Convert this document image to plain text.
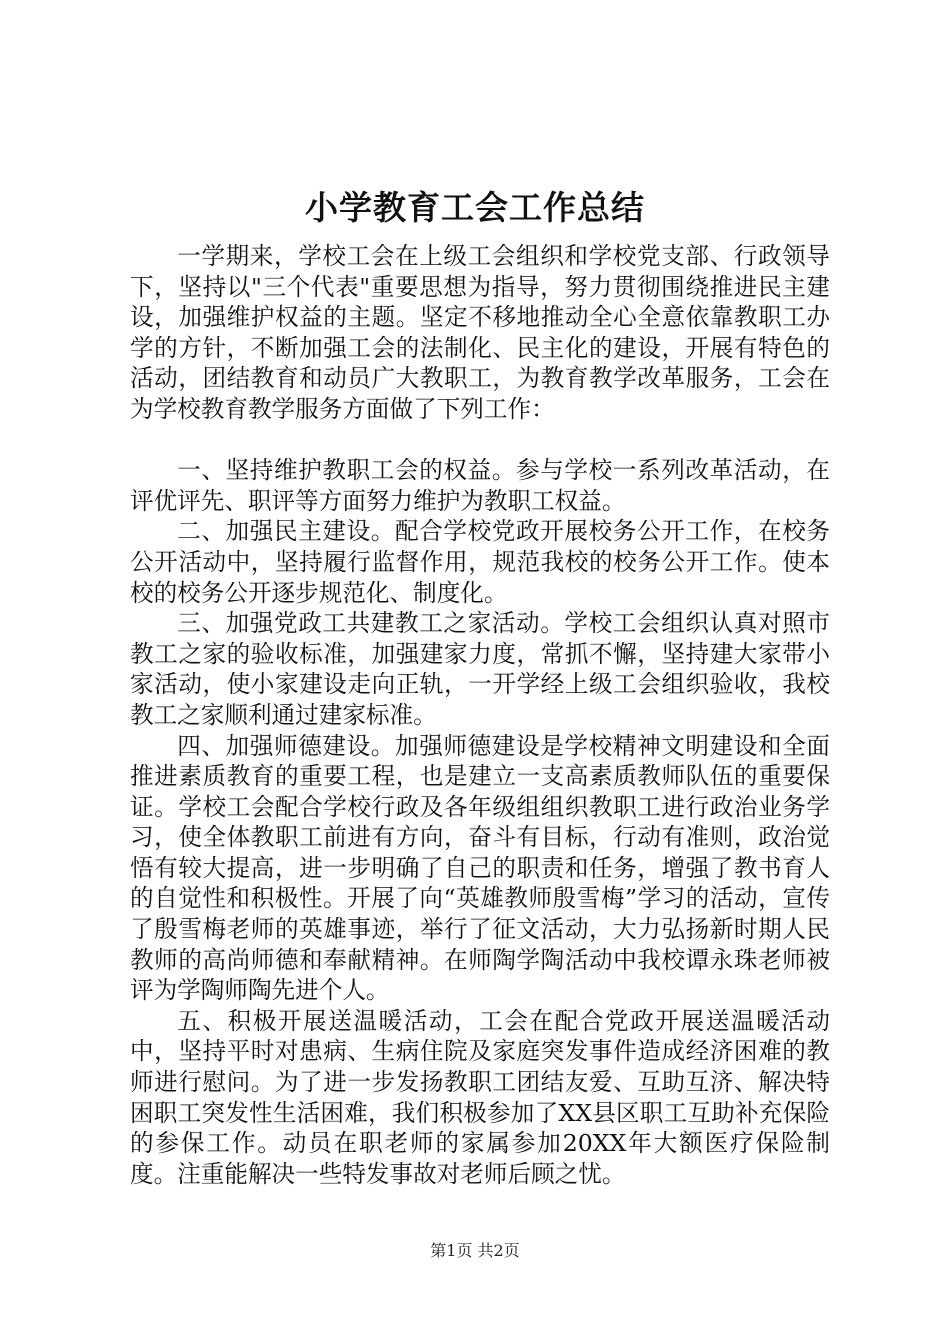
小学教育工会工作总结

一学期来，学校工会在上级工会组织和学校党支部、行政领导下，坚持以"三个代表"重要思想为指导，努力贯彻围绕推进民主建设，加强维护权益的主题。坚定不移地推动全心全意依靠教职工办学的方针，不断加强工会的法制化、民主化的建设，开展有特色的活动，团结教育和动员广大教职工，为教育教学改革服务，工会在为学校教育教学服务方面做了下列工作：

一、坚持维护教职工会的权益。参与学校一系列改革活动，在评优评先、职评等方面努力维护为教职工权益。

二、加强民主建设。配合学校党政开展校务公开工作，在校务公开活动中，坚持履行监督作用，规范我校的校务公开工作。使本校的校务公开逐步规范化、制度化。

三、加强党政工共建教工之家活动。学校工会组织认真对照市教工之家的验收标准，加强建家力度，常抓不懈，坚持建大家带小家活动，使小家建设走向正轨，一开学经上级工会组织验收，我校教工之家顺利通过建家标准。

四、加强师德建设。加强师德建设是学校精神文明建设和全面推进素质教育的重要工程，也是建立一支高素质教师队伍的重要保证。学校工会配合学校行政及各年级组组织教职工进行政治业务学习，使全体教职工前进有方向，奋斗有目标，行动有准则，政治觉悟有较大提高，进一步明确了自己的职责和任务，增强了教书育人的自觉性和积极性。开展了向“英雄教师殷雪梅”学习的活动，宣传了殷雪梅老师的英雄事迹，举行了征文活动，大力弘扬新时期人民教师的高尚师德和奉献精神。在师陶学陶活动中我校谭永珠老师被评为学陶师陶先进个人。

五、积极开展送温暖活动，工会在配合党政开展送温暖活动中，坚持平时对患病、生病住院及家庭突发事件造成经济困难的教师进行慰问。为了进一步发扬教职工团结友爱、互助互济、解决特困职工突发性生活困难，我们积极参加了XX县区职工互助补充保险的参保工作。动员在职老师的家属参加20XX年大额医疗保险制度。注重能解决一些特发事故对老师后顾之忧。

第1页 共2页
